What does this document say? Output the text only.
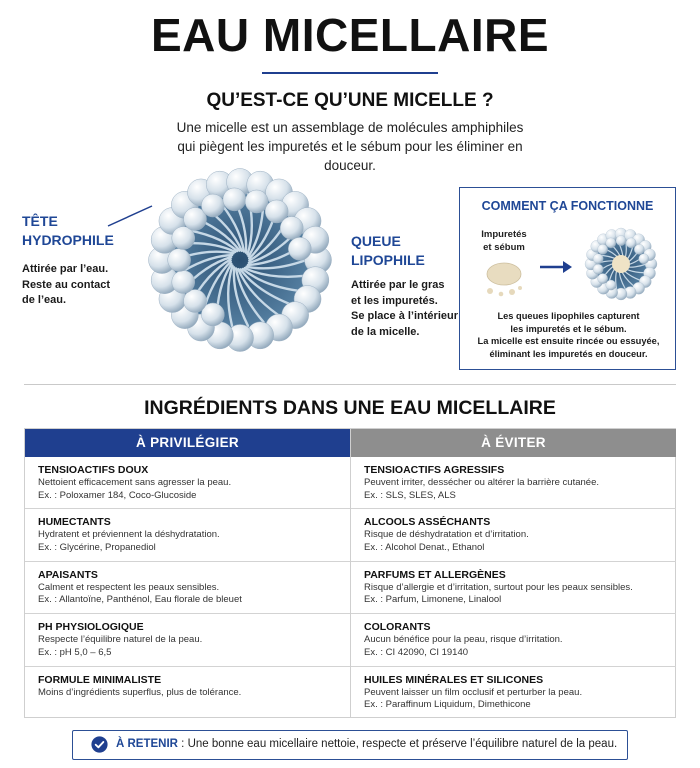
EAU MICELLAIRE
QU’EST-CE QU’UNE MICELLE ?
Une micelle est un assemblage de molécules amphiphiles
qui piègent les impuretés et le sébum pour les éliminer en douceur.
TÊTE
HYDROPHILE
Attirée par l’eau.
Reste au contact
de l’eau.
QUEUE
LIPOPHILE
Attirée par le gras
et les impuretés.
Se place à l’intérieur
de la micelle.
COMMENT ÇA FONCTIONNE
Impuretés
et sébum
Les queues lipophiles capturent
les impuretés et le sébum.
La micelle est ensuite rincée ou essuyée,
éliminant les impuretés en douceur.
INGRÉDIENTS DANS UNE EAU MICELLAIRE
À PRIVILÉGIER
TENSIOACTIFS DOUX
Nettoient efficacement sans agresser la peau.
Ex. : Poloxamer 184, Coco-Glucoside
HUMECTANTS
Hydratent et préviennent la déshydratation.
Ex. : Glycérine, Propanediol
APAISANTS
Calment et respectent les peaux sensibles.
Ex. : Allantoïne, Panthénol, Eau florale de bleuet
PH PHYSIOLOGIQUE
Respecte l’équilibre naturel de la peau.
Ex. : pH 5,0 – 6,5
FORMULE MINIMALISTE
Moins d’ingrédients superflus, plus de tolérance.
À ÉVITER
TENSIOACTIFS AGRESSIFS
Peuvent irriter, dessécher ou altérer la barrière cutanée.
Ex. : SLS, SLES, ALS
ALCOOLS ASSÉCHANTS
Risque de déshydratation et d’irritation.
Ex. : Alcohol Denat., Ethanol
PARFUMS ET ALLERGÈNES
Risque d’allergie et d’irritation, surtout pour les peaux sensibles.
Ex. : Parfum, Limonene, Linalool
COLORANTS
Aucun bénéfice pour la peau, risque d’irritation.
Ex. : CI 42090, CI 19140
HUILES MINÉRALES ET SILICONES
Peuvent laisser un film occlusif et perturber la peau.
Ex. : Paraffinum Liquidum, Dimethicone
À RETENIR : Une bonne eau micellaire nettoie, respecte et préserve l’équilibre naturel de la peau.
